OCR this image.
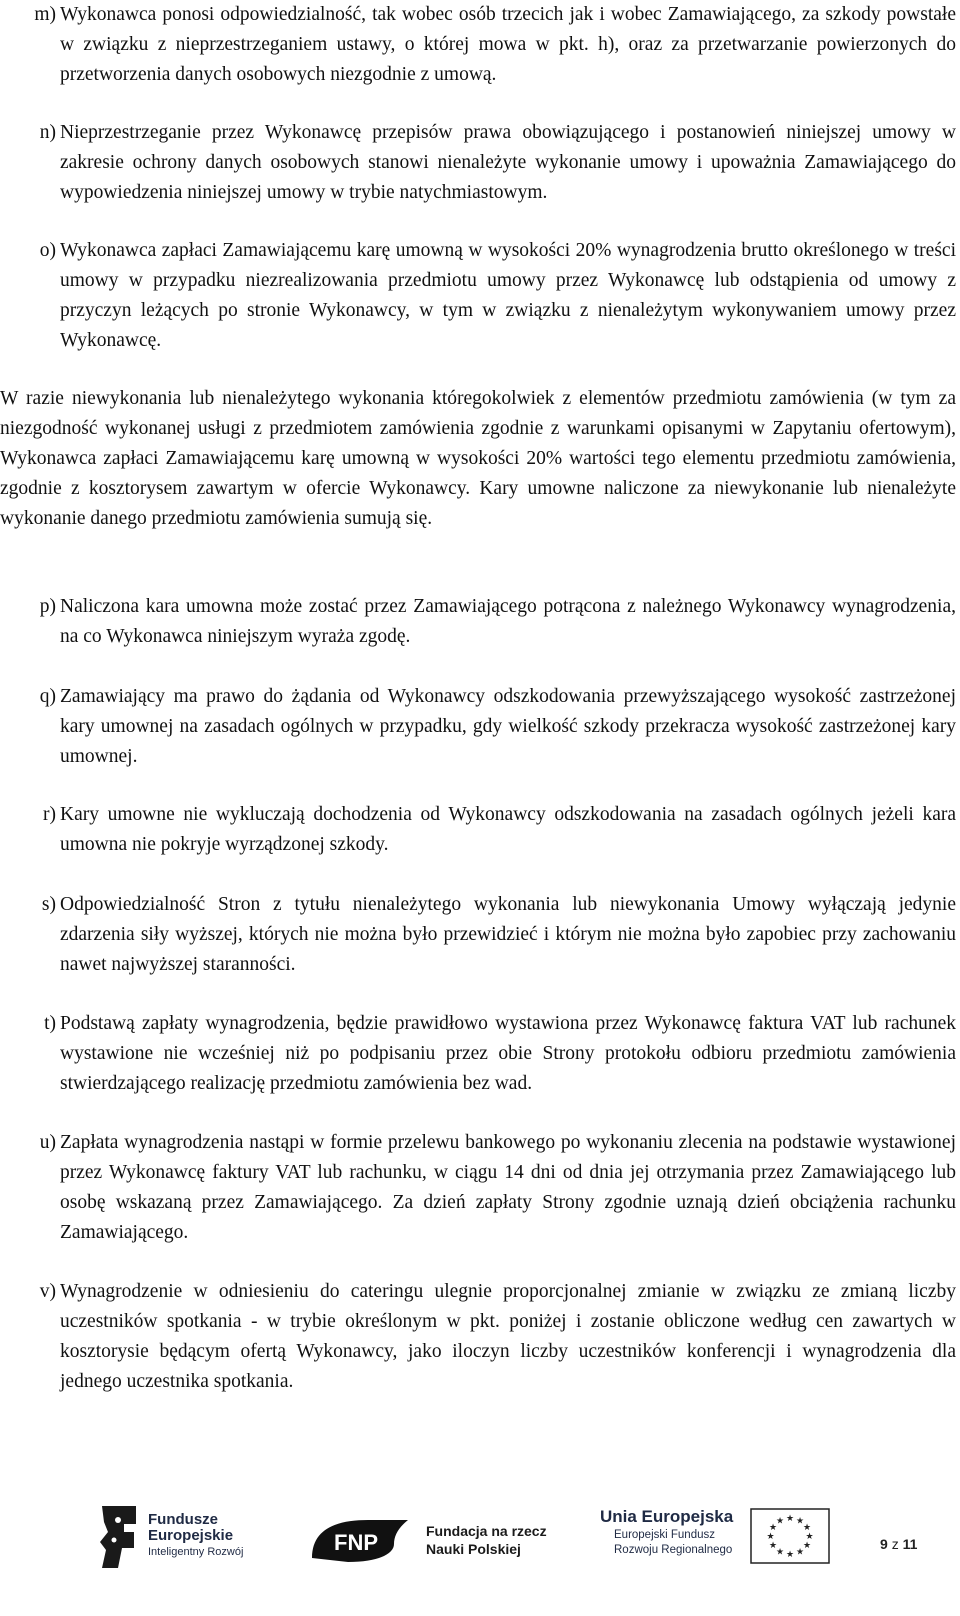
m) Wykonawca ponosi odpowiedzialność, tak wobec osób trzecich jak i wobec Zamawiającego, za szkody powstałe w związku z nieprzestrzeganiem ustawy, o której mowa w pkt. h), oraz za przetwarzanie powierzonych do przetworzenia danych osobowych niezgodnie z umową.
n) Nieprzestrzeganie przez Wykonawcę przepisów prawa obowiązującego i postanowień niniejszej umowy w zakresie ochrony danych osobowych stanowi nienależyte wykonanie umowy i upoważnia Zamawiającego do wypowiedzenia niniejszej umowy w trybie natychmiastowym.
o) Wykonawca zapłaci Zamawiającemu karę umowną w wysokości 20% wynagrodzenia brutto określonego w treści umowy w przypadku niezrealizowania przedmiotu umowy przez Wykonawcę lub odstąpienia od umowy z przyczyn leżących po stronie Wykonawcy, w tym w związku z nienależytym wykonywaniem umowy przez Wykonawcę.
W razie niewykonania lub nienależytego wykonania któregokolwiek z elementów przedmiotu zamówienia (w tym za niezgodność wykonanej usługi z przedmiotem zamówienia zgodnie z warunkami opisanymi w Zapytaniu ofertowym), Wykonawca zapłaci Zamawiającemu karę umowną w wysokości 20% wartości tego elementu przedmiotu zamówienia, zgodnie z kosztorysem zawartym w ofercie Wykonawcy. Kary umowne naliczone za niewykonanie lub nienależyte wykonanie danego przedmiotu zamówienia sumują się.
p) Naliczona kara umowna może zostać przez Zamawiającego potrącona z należnego Wykonawcy wynagrodzenia, na co Wykonawca niniejszym wyraża zgodę.
q) Zamawiający ma prawo do żądania od Wykonawcy odszkodowania przewyższającego wysokość zastrzeżonej kary umownej na zasadach ogólnych w przypadku, gdy wielkość szkody przekracza wysokość zastrzeżonej kary umownej.
r) Kary umowne nie wykluczają dochodzenia od Wykonawcy odszkodowania na zasadach ogólnych jeżeli kara umowna nie pokryje wyrządzonej szkody.
s) Odpowiedzialność Stron z tytułu nienależytego wykonania lub niewykonania Umowy wyłączają jedynie zdarzenia siły wyższej, których nie można było przewidzieć i którym nie można było zapobiec przy zachowaniu nawet najwyższej staranności.
t) Podstawą zapłaty wynagrodzenia, będzie prawidłowo wystawiona przez Wykonawcę faktura VAT lub rachunek wystawione nie wcześniej niż po podpisaniu przez obie Strony protokołu odbioru przedmiotu zamówienia stwierdzającego realizację przedmiotu zamówienia bez wad.
u) Zapłata wynagrodzenia nastąpi w formie przelewu bankowego po wykonaniu zlecenia na podstawie wystawionej przez Wykonawcę faktury VAT lub rachunku, w ciągu 14 dni od dnia jej otrzymania przez Zamawiającego lub osobę wskazaną przez Zamawiającego. Za dzień zapłaty Strony zgodnie uznają dzień obciążenia rachunku Zamawiającego.
v) Wynagrodzenie w odniesieniu do cateringu ulegnie proporcjonalnej zmianie w związku ze zmianą liczby uczestników spotkania - w trybie określonym w pkt. poniżej i zostanie obliczone według cen zawartych w kosztorysie będącym ofertą Wykonawcy, jako iloczyn liczby uczestników konferencji i wynagrodzenia dla jednego uczestnika spotkania.
Fundusze
Europejskie
Inteligentny Rozwój	FNP	Fundacja na rzecz
Nauki Polskiej
Unia Europejska
Europejski Fundusz
Rozwoju Regionalnego
★ ★
★
★
★
★
★
★
★
★
★
★
9 z 11
